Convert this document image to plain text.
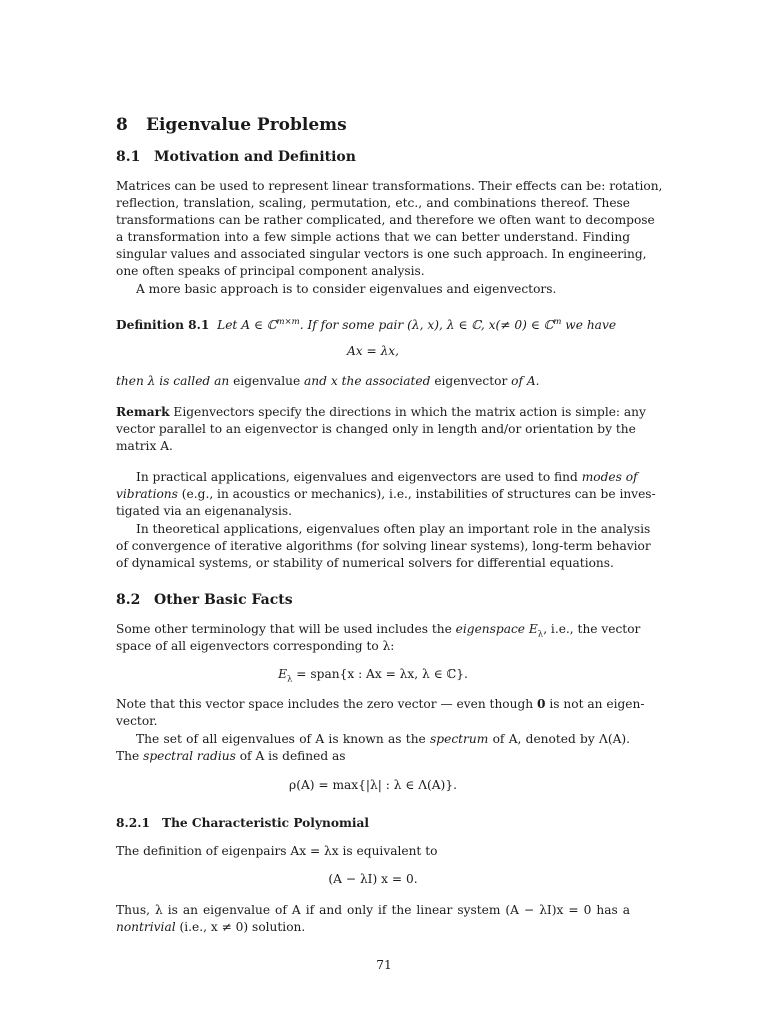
8 Eigenvalue Problems
8.1 Motivation and Definition
Matrices can be used to represent linear transformations. Their effects can be: rotation,
reflection, translation, scaling, permutation, etc., and combinations thereof. These
transformations can be rather complicated, and therefore we often want to decompose
a transformation into a few simple actions that we can better understand. Finding
singular values and associated singular vectors is one such approach. In engineering,
one often speaks of principal component analysis.
A more basic approach is to consider eigenvalues and eigenvectors.
Definition 8.1 Let A ∈ ℂ$^{m\times m}$. If for some pair (λ, x), λ ∈ ℂ, x(≠ 0) ∈ ℂ$^m$ we have
Ax = λx,
then λ is called an eigenvalue and x the associated eigenvector of A.
Remark Eigenvectors specify the directions in which the matrix action is simple: any
vector parallel to an eigenvector is changed only in length and/or orientation by the
matrix A.
In practical applications, eigenvalues and eigenvectors are used to find modes of
vibrations (e.g., in acoustics or mechanics), i.e., instabilities of structures can be inves-
tigated via an eigenanalysis.
In theoretical applications, eigenvalues often play an important role in the analysis
of convergence of iterative algorithms (for solving linear systems), long-term behavior
of dynamical systems, or stability of numerical solvers for differential equations.
8.2 Other Basic Facts
Some other terminology that will be used includes the eigenspace $E_\lambda$, i.e., the vector
space of all eigenvectors corresponding to λ:
$E_\lambda$ = span{x : Ax = λx, λ ∈ ℂ}.
Note that this vector space includes the zero vector — even though 0 is not an eigen-
vector.
The set of all eigenvalues of A is known as the spectrum of A, denoted by Λ(A).
The spectral radius of A is defined as
ρ(A) = max{|λ| : λ ∈ Λ(A)}.
8.2.1 The Characteristic Polynomial
The definition of eigenpairs Ax = λx is equivalent to
(A − λI) x = 0.
Thus, λ is an eigenvalue of A if and only if the linear system (A − λI)x = 0 has a
nontrivial (i.e., x ≠ 0) solution.
71
